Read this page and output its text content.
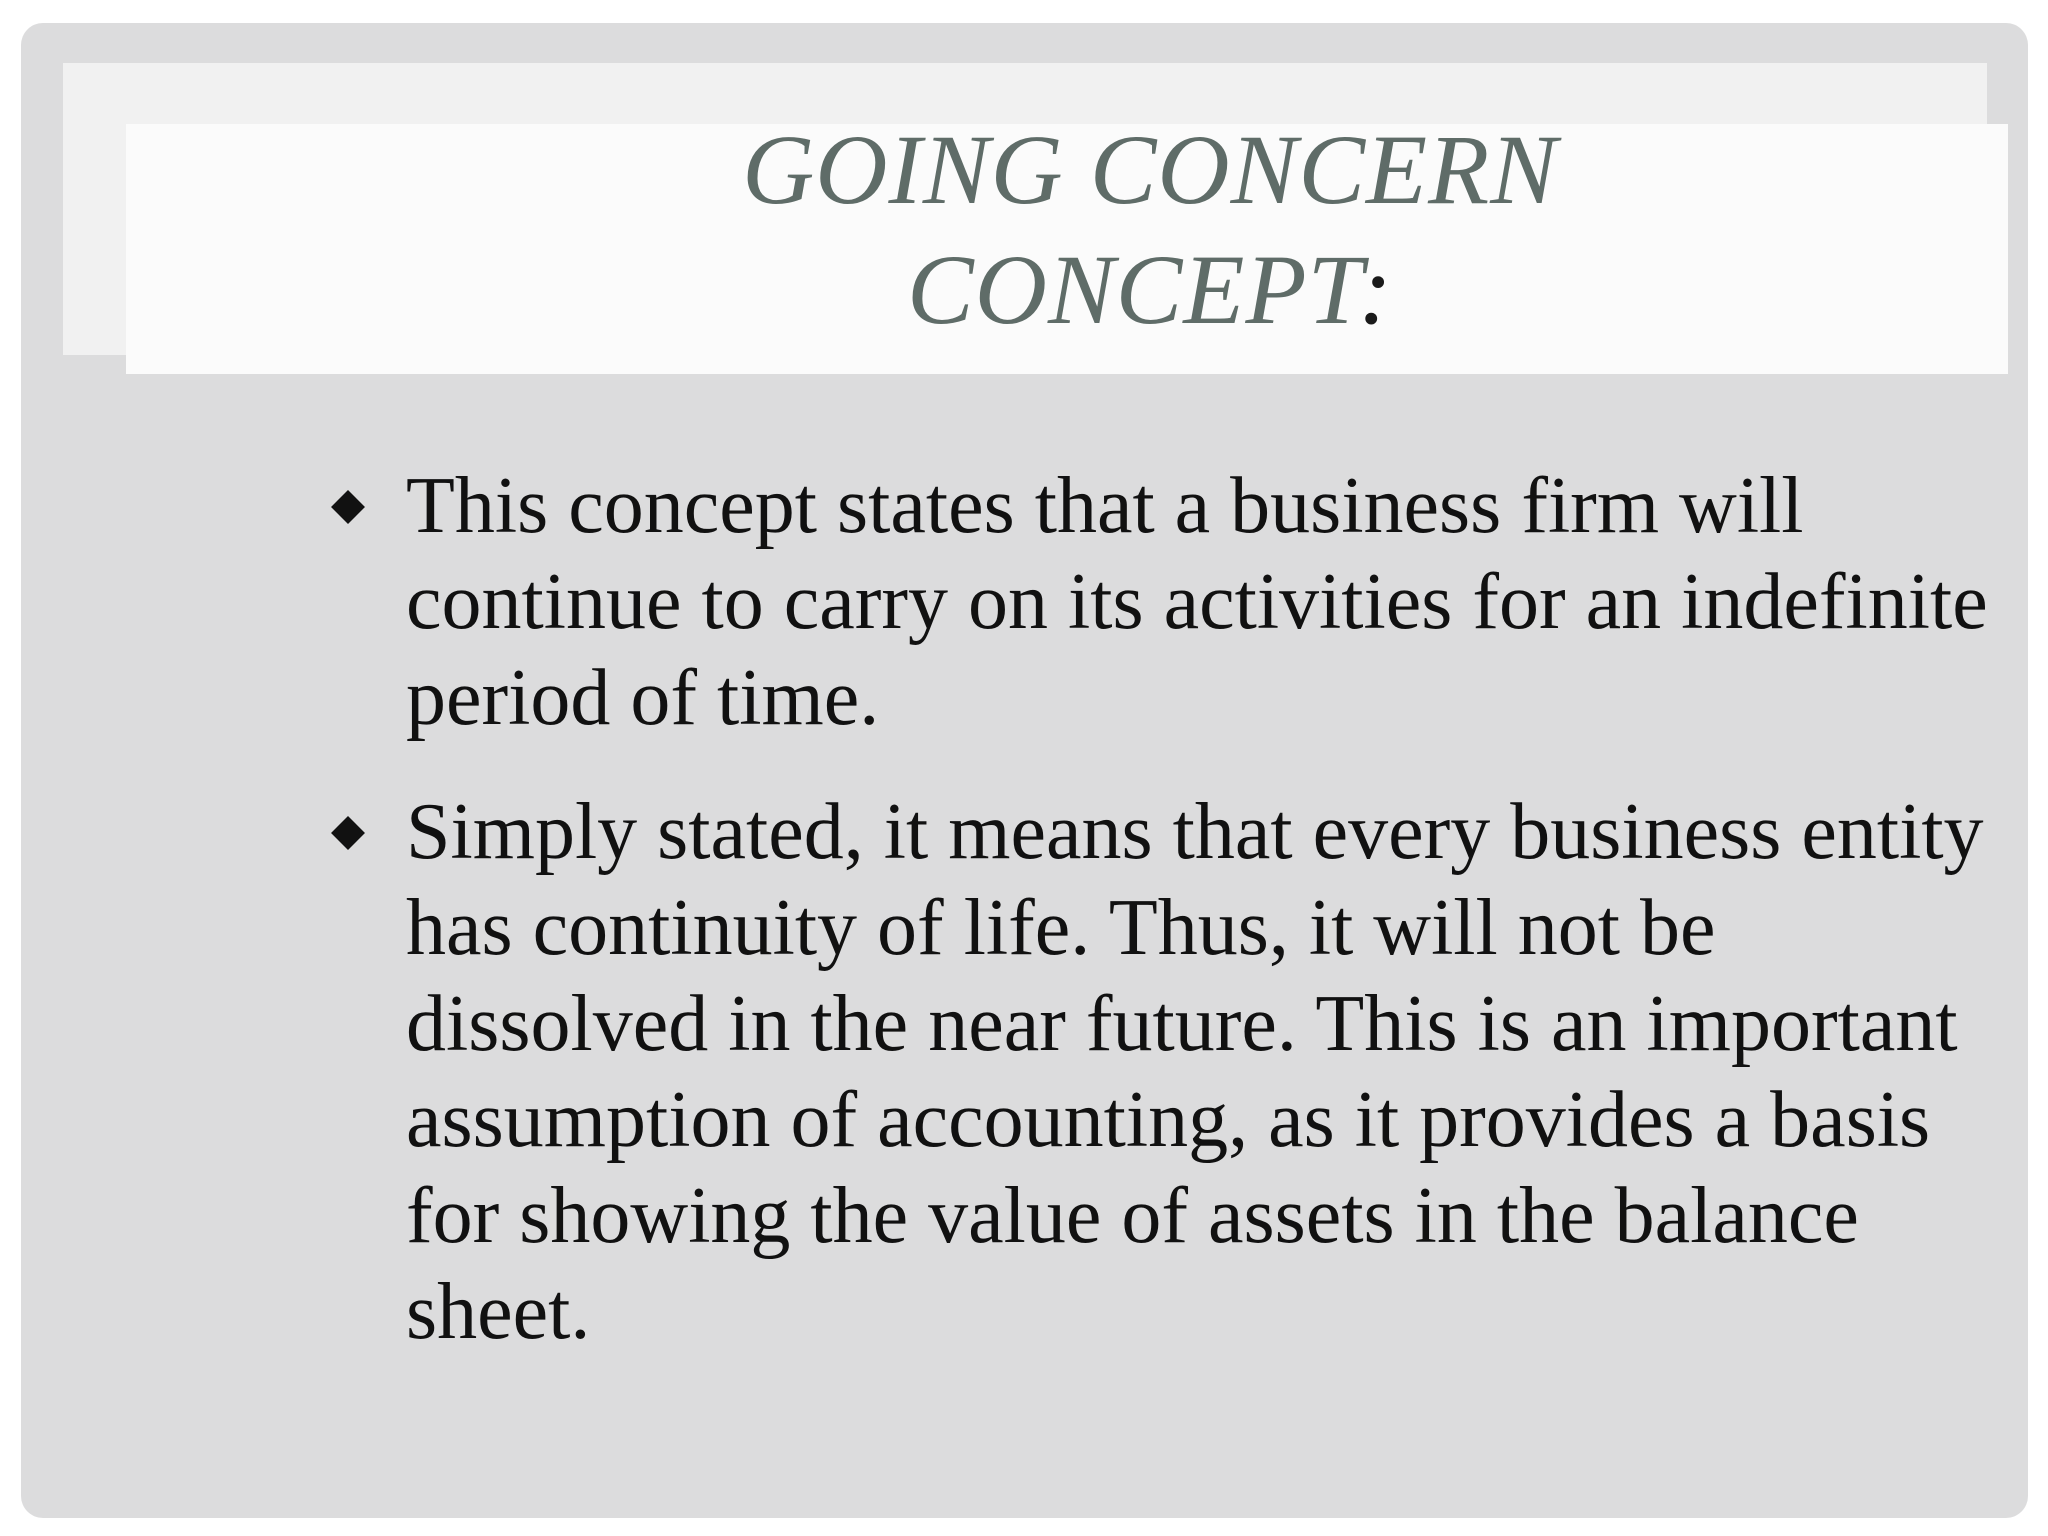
GOING CONCERN CONCEPT:
This concept states that a business firm will continue to carry on its activities for an indefinite period of time.
Simply stated, it means that every business entity has continuity of life. Thus, it will not be dissolved in the near future. This is an important assumption of accounting, as it provides a basis for showing the value of assets in the balance sheet.
